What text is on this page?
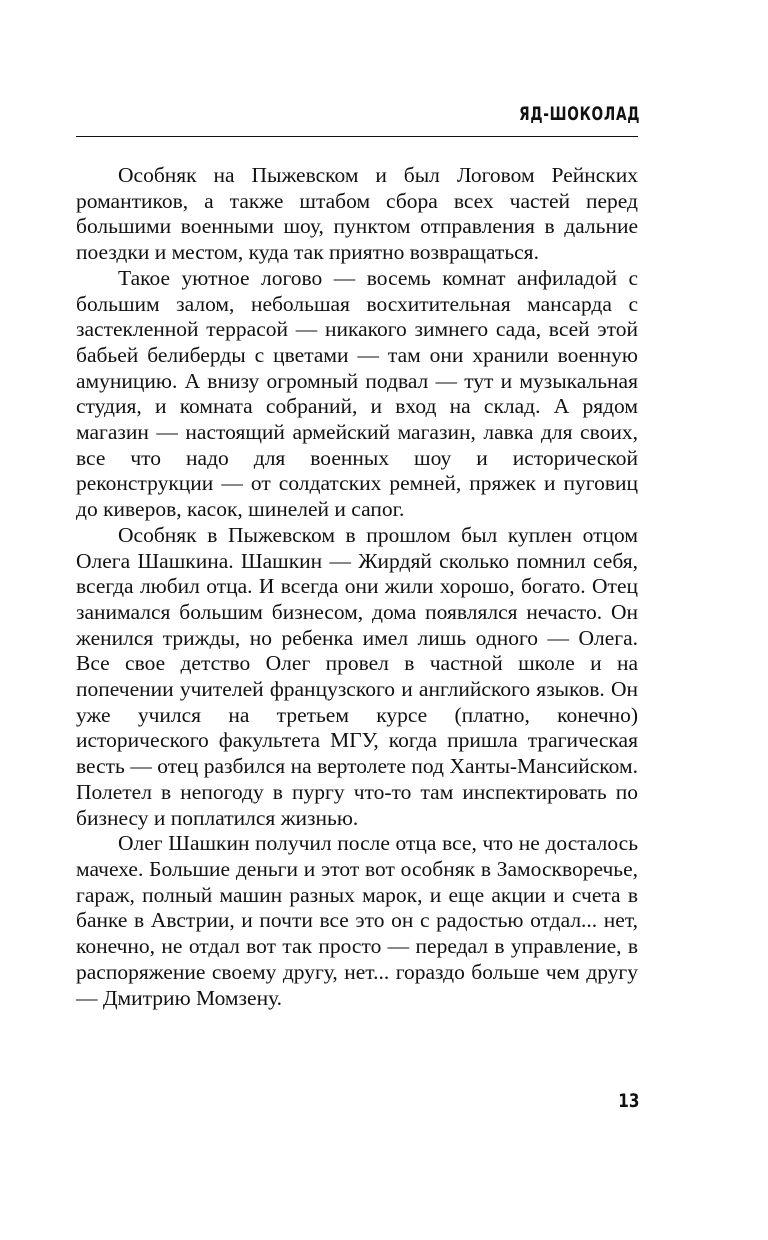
ЯД-ШОКОЛАД

Особняк на Пыжевском и был Логовом Рейнских романтиков, а также штабом сбора всех частей перед большими военными шоу, пунктом отправления в дальние поездки и местом, куда так приятно возвращаться.

Такое уютное логово — восемь комнат анфиладой с большим залом, небольшая восхитительная мансарда с застекленной террасой — никакого зимнего сада, всей этой бабьей белиберды с цветами — там они хранили военную амуницию. А внизу огромный подвал — тут и музыкальная студия, и комната собраний, и вход на склад. А рядом магазин — настоящий армейский магазин, лавка для своих, все что надо для военных шоу и исторической реконструкции — от солдатских ремней, пряжек и пуговиц до киверов, касок, шинелей и сапог.

Особняк в Пыжевском в прошлом был куплен отцом Олега Шашкина. Шашкин — Жирдяй сколько помнил себя, всегда любил отца. И всегда они жили хорошо, богато. Отец занимался большим бизнесом, дома появлялся нечасто. Он женился трижды, но ребенка имел лишь одного — Олега. Все свое детство Олег провел в частной школе и на попечении учителей французского и английского языков. Он уже учился на третьем курсе (платно, конечно) исторического факультета МГУ, когда пришла трагическая весть — отец разбился на вертолете под Ханты-Мансийском. Полетел в непогоду в пургу что-то там инспектировать по бизнесу и поплатился жизнью.

Олег Шашкин получил после отца все, что не досталось мачехе. Большие деньги и этот вот особняк в Замоскворечье, гараж, полный машин разных марок, и еще акции и счета в банке в Австрии, и почти все это он с радостью отдал... нет, конечно, не отдал вот так просто — передал в управление, в распоряжение своему другу, нет... гораздо больше чем другу — Дмитрию Момзену.

13
